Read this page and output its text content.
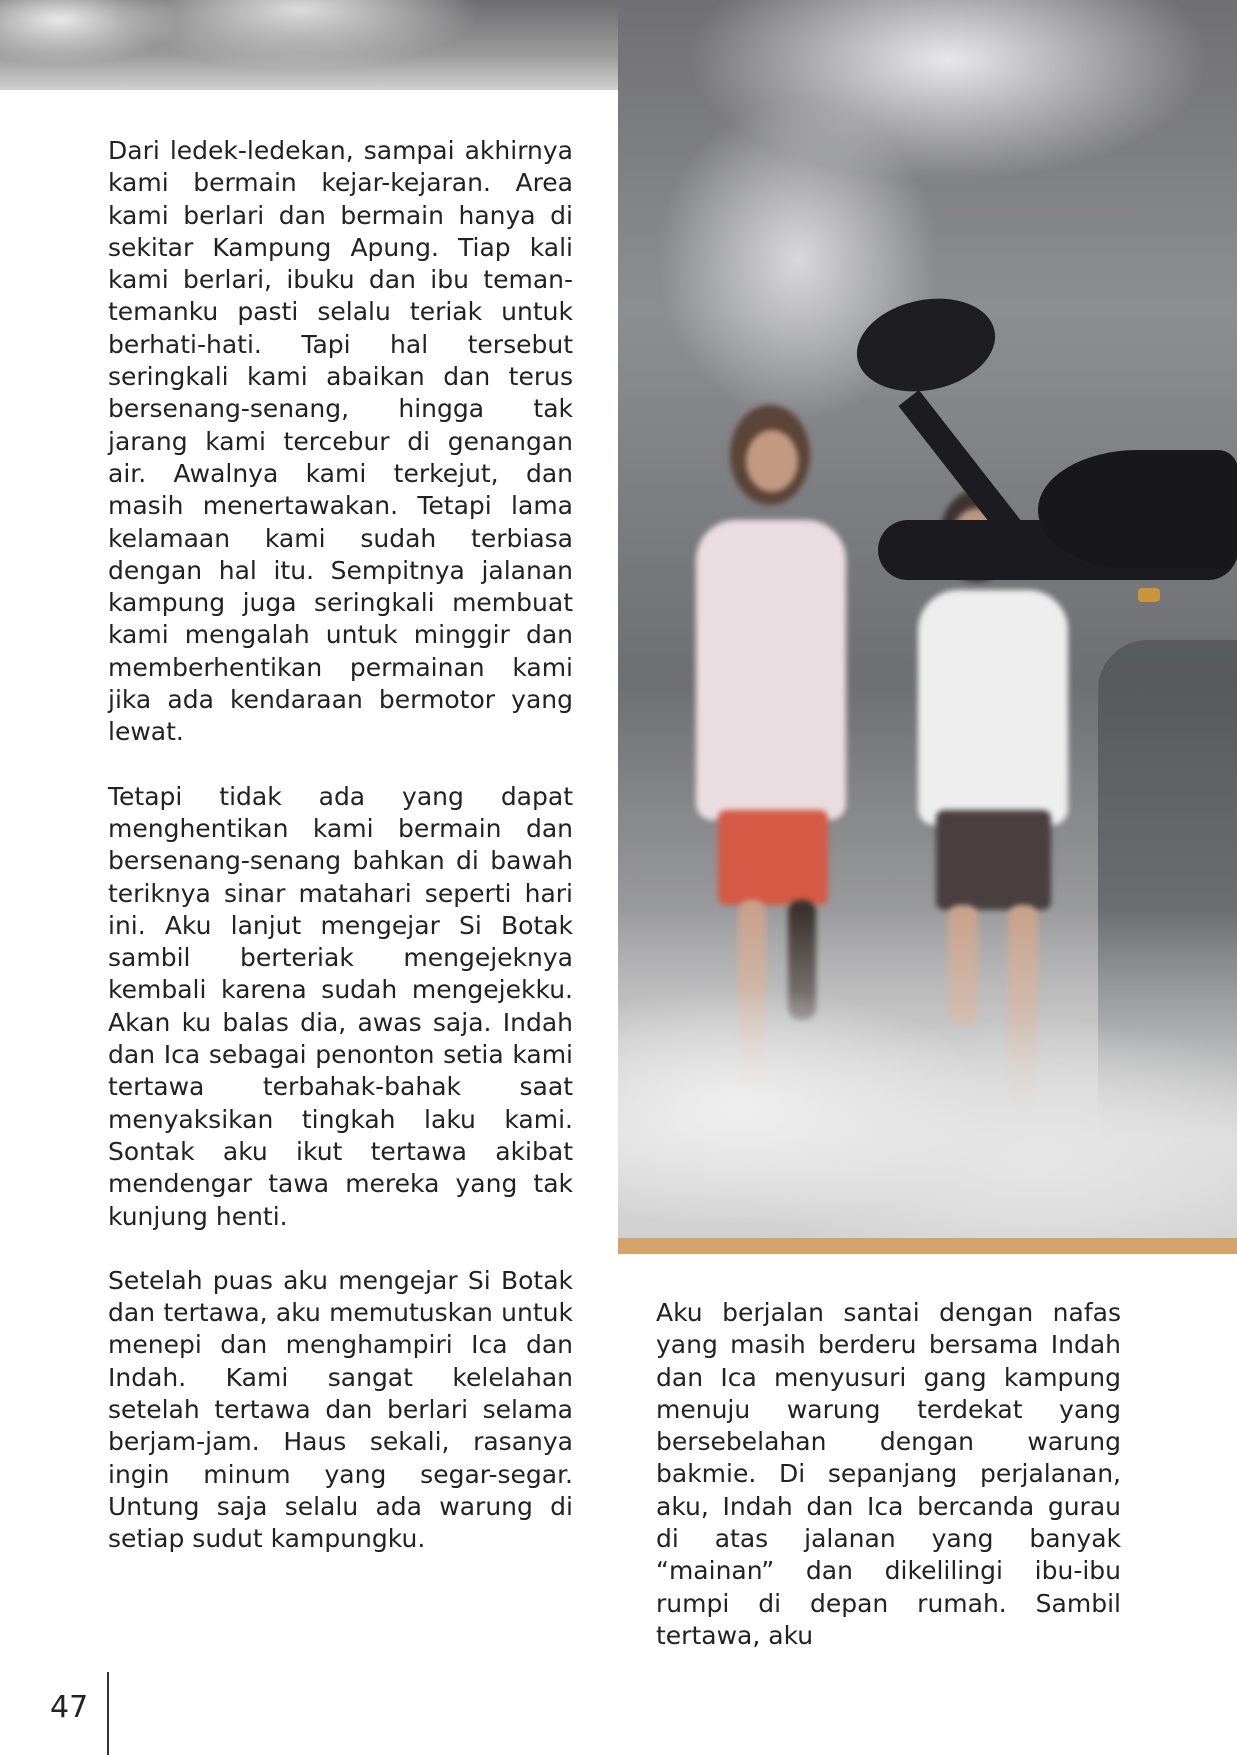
Dari ledek-ledekan, sampai akhirnya kami bermain kejar-kejaran. Area kami berlari dan bermain hanya di sekitar Kampung Apung. Tiap kali kami berlari, ibuku dan ibu teman-temanku pasti selalu teriak untuk berhati-hati. Tapi hal tersebut seringkali kami abaikan dan terus bersenang-senang, hingga tak jarang kami tercebur di genangan air. Awalnya kami terkejut, dan masih menertawakan. Tetapi lama kelamaan kami sudah terbiasa dengan hal itu. Sempitnya jalanan kampung juga seringkali membuat kami mengalah untuk minggir dan memberhentikan permainan kami jika ada kendaraan bermotor yang lewat.

Tetapi tidak ada yang dapat menghentikan kami bermain dan bersenang-senang bahkan di bawah teriknya sinar matahari seperti hari ini. Aku lanjut mengejar Si Botak sambil berteriak mengejeknya kembali karena sudah mengejekku. Akan ku balas dia, awas saja. Indah dan Ica sebagai penonton setia kami tertawa terbahak-bahak saat menyaksikan tingkah laku kami. Sontak aku ikut tertawa akibat mendengar tawa mereka yang tak kunjung henti.

Setelah puas aku mengejar Si Botak dan tertawa, aku memutuskan untuk menepi dan menghampiri Ica dan Indah. Kami sangat kelelahan setelah tertawa dan berlari selama berjam-jam. Haus sekali, rasanya ingin minum yang segar-segar. Untung saja selalu ada warung di setiap sudut kampungku.

Aku berjalan santai dengan nafas yang masih berderu bersama Indah dan Ica menyusuri gang kampung menuju warung terdekat yang bersebelahan dengan warung bakmie. Di sepanjang perjalanan, aku, Indah dan Ica bercanda gurau di atas jalanan yang banyak “mainan” dan dikelilingi ibu-ibu rumpi di depan rumah. Sambil tertawa, aku

47
